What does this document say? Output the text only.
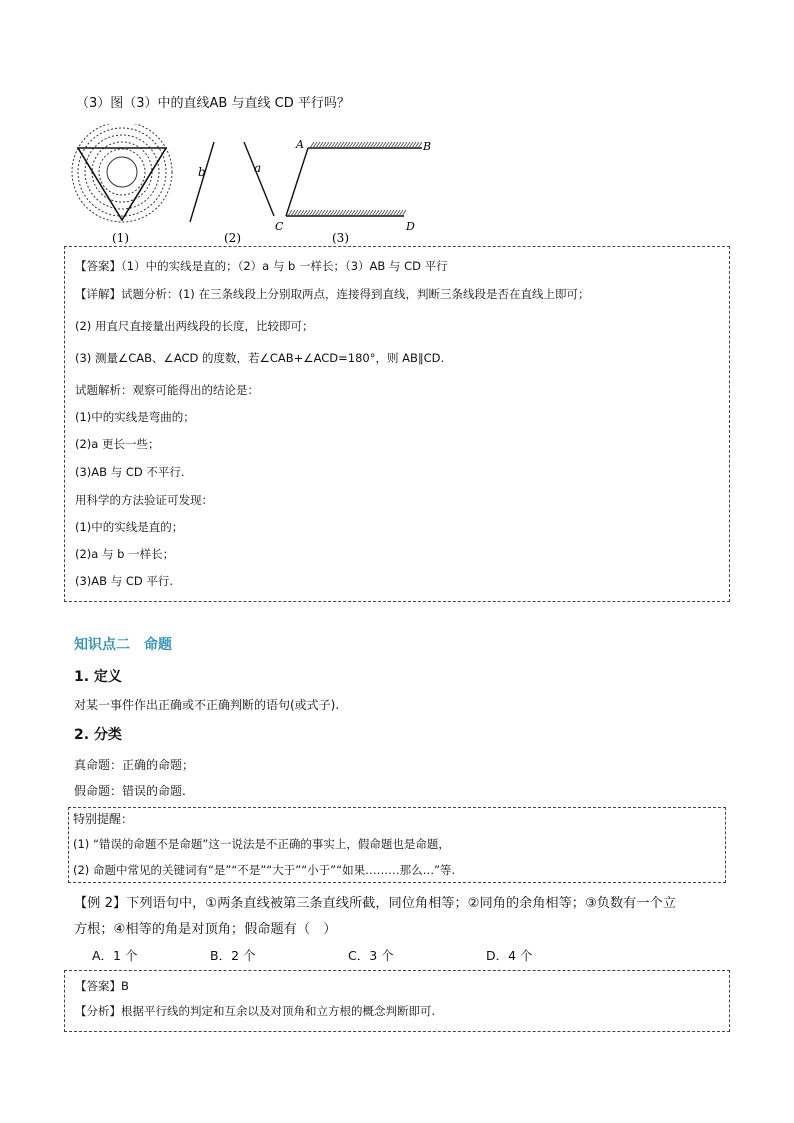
（3）图（3）中的直线AB 与直线 CD 平行吗？
(1)
b	a
(2)
A	B
C	D
(3)
【答案】（1）中的实线是直的；（2）a 与 b 一样长；（3）AB 与 CD 平行
【详解】试题分析：(1) 在三条线段上分别取两点，连接得到直线，判断三条线段是否在直线上即可；
(2) 用直尺直接量出两线段的长度，比较即可；
(3) 测量∠CAB、∠ACD 的度数，若∠CAB+∠ACD=180°，则 AB∥CD.
试题解析：观察可能得出的结论是：
(1)中的实线是弯曲的；
(2)a 更长一些；
(3)AB 与 CD 不平行.
用科学的方法验证可发现：
(1)中的实线是直的；
(2)a 与 b 一样长；
(3)AB 与 CD 平行.
知识点二　命题
1. 定义
对某一事件作出正确或不正确判断的语句(或式子).
2. 分类
真命题：正确的命题；
假命题：错误的命题.
特别提醒：
(1) “错误的命题不是命题”这一说法是不正确的事实上，假命题也是命题，
(2) 命题中常见的关键词有“是”“不是”“大于”“小于”“如果………那么…”等.
【例 2】下列语句中，①两条直线被第三条直线所截，同位角相等；②同角的余角相等；③负数有一个立
方根；④相等的角是对顶角；假命题有（　）
A．1 个	B．2 个	C．3 个	D．4 个
【答案】B
【分析】根据平行线的判定和互余以及对顶角和立方根的概念判断即可.
